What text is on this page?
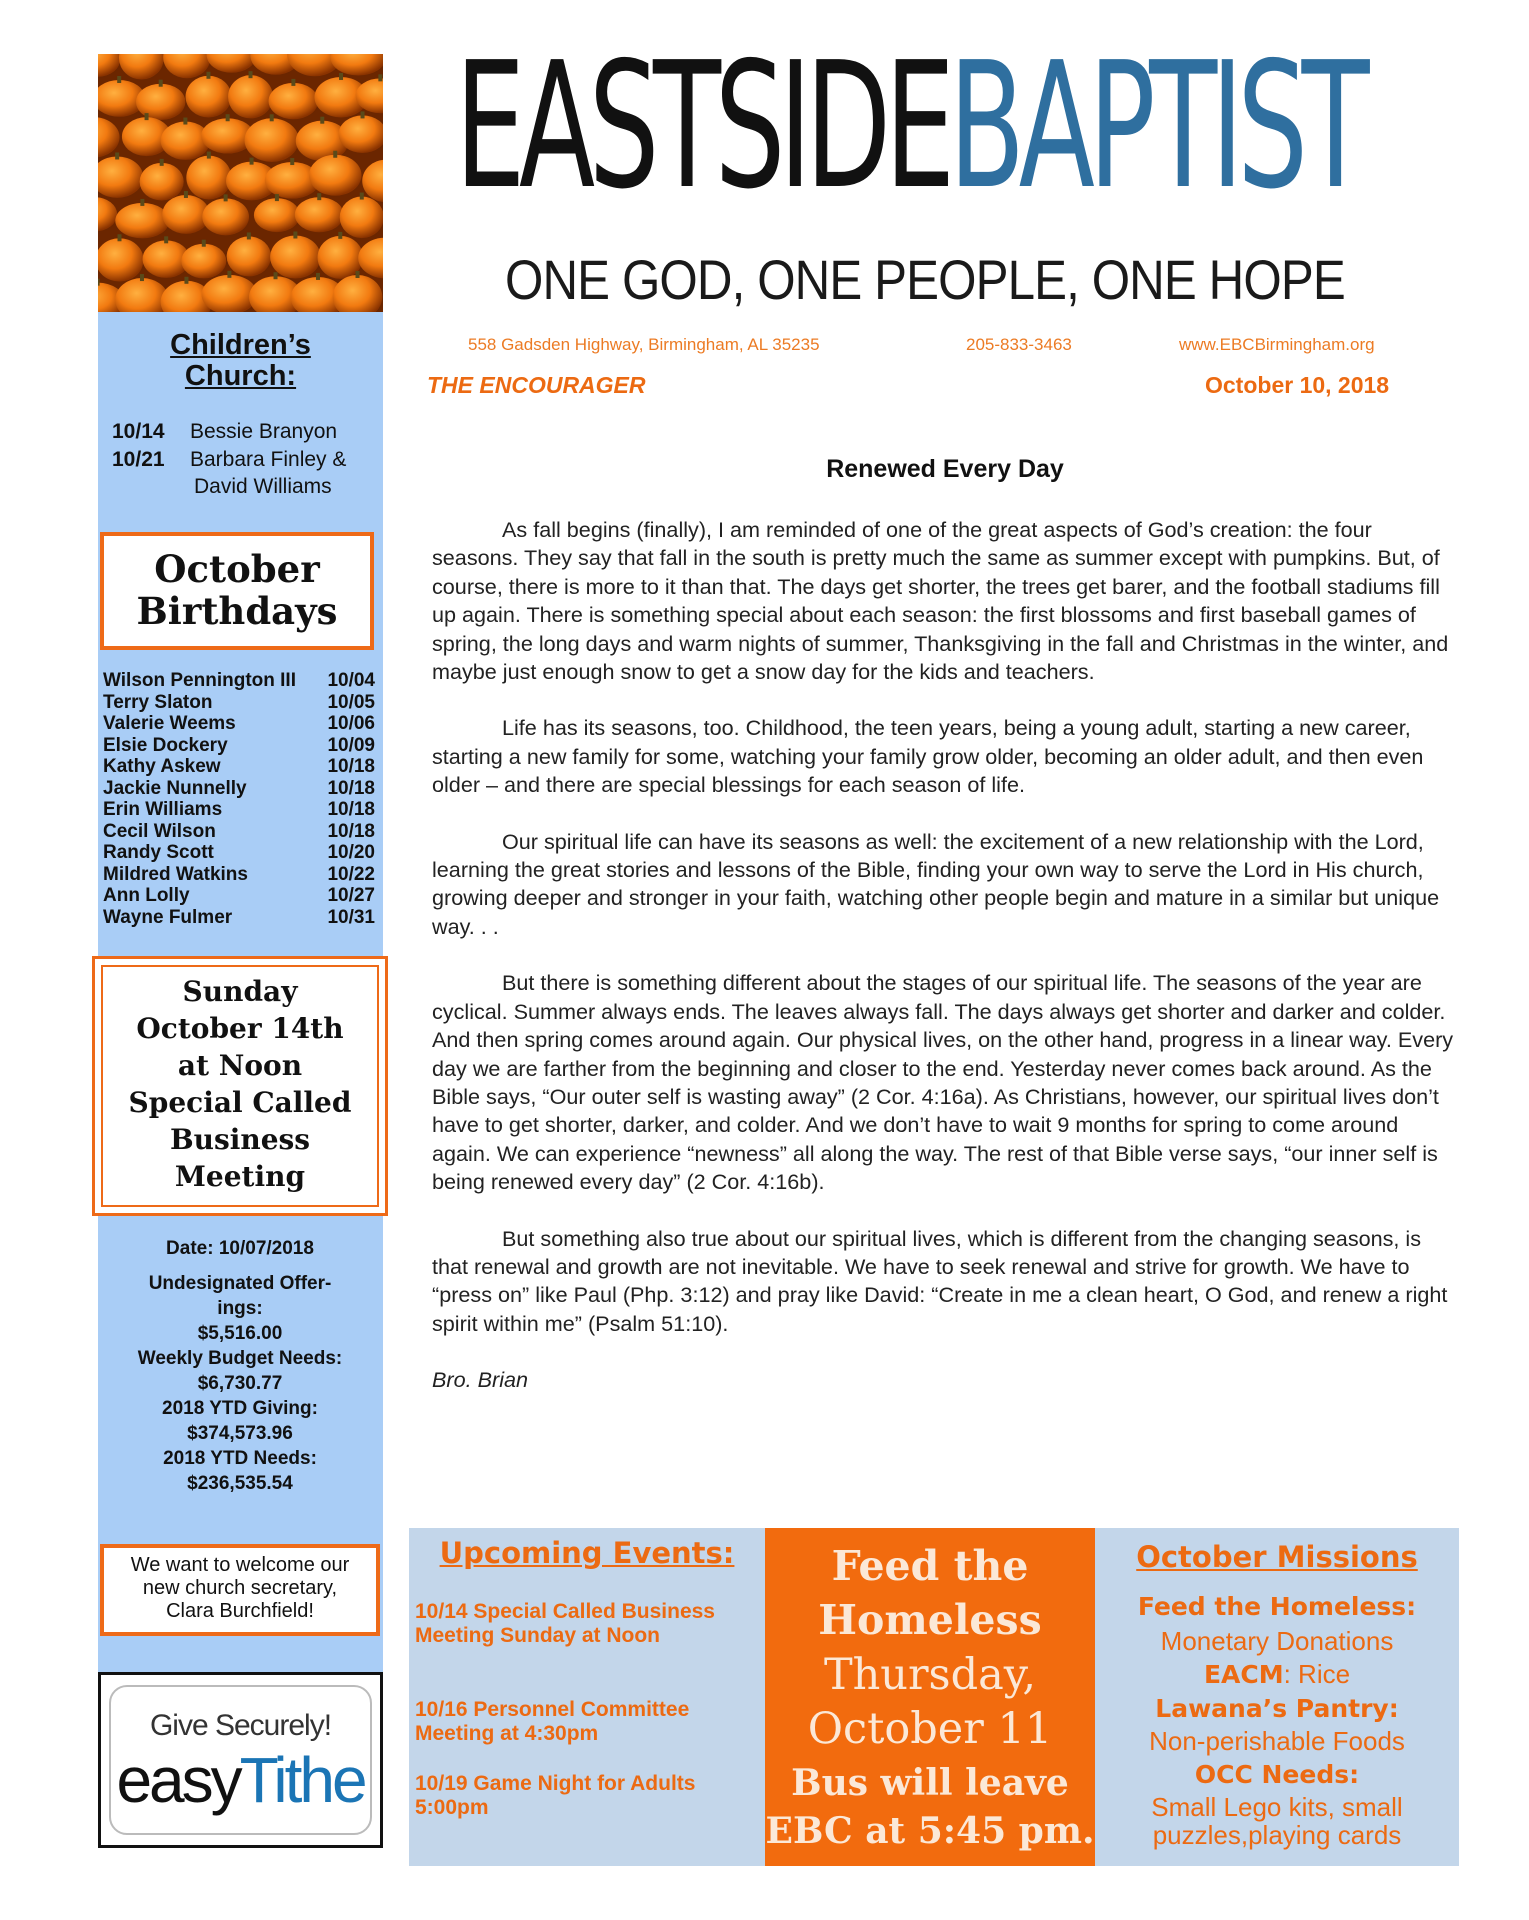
Children’s
Church:
10/14 Bessie Branyon
10/21 Barbara Finley &
David Williams
October
Birthdays
Wilson Pennington III 10/04
Terry Slaton	10/05
Valerie Weems	10/06
Elsie Dockery	10/09
Kathy Askew	10/18
Jackie Nunnelly	10/18
Erin Williams	10/18
Cecil Wilson	10/18
Randy Scott	10/20
Mildred Watkins	10/22
Ann Lolly	10/27
Wayne Fulmer	10/31
Sunday
October 14th
at Noon
Special Called
Business
Meeting
Date: 10/07/2018
Undesignated Offer-
ings:
$5,516.00
Weekly Budget Needs:
$6,730.77
2018 YTD Giving:
$374,573.96
2018 YTD Needs:
$236,535.54
We want to welcome our
new church secretary,
Clara Burchfield!
Give Securely!
easyTithe
EASTSIDEBAPTIST
ONE GOD, ONE PEOPLE, ONE HOPE
558 Gadsden Highway, Birmingham, AL 35235	205-833-3463	www.EBCBirmingham.org
THE ENCOURAGER	October 10, 2018
Renewed Every Day

As fall begins (finally), I am reminded of one of the great aspects of God’s creation: the four seasons. They say that fall in the south is pretty much the same as summer except with pumpkins. But, of course, there is more to it than that. The days get shorter, the trees get barer, and the football stadiums fill up again. There is something special about each season: the first blossoms and first baseball games of spring, the long days and warm nights of summer, Thanksgiving in the fall and Christmas in the winter, and maybe just enough snow to get a snow day for the kids and teachers.

Life has its seasons, too. Childhood, the teen years, being a young adult, starting a new career, starting a new family for some, watching your family grow older, becoming an older adult, and then even older – and there are special blessings for each season of life.

Our spiritual life can have its seasons as well: the excitement of a new relationship with the Lord, learning the great stories and lessons of the Bible, finding your own way to serve the Lord in His church, growing deeper and stronger in your faith, watching other people begin and mature in a similar but unique way. . .

But there is something different about the stages of our spiritual life. The seasons of the year are cyclical. Summer always ends. The leaves always fall. The days always get shorter and darker and colder. And then spring comes around again. Our physical lives, on the other hand, progress in a linear way. Every day we are farther from the beginning and closer to the end. Yesterday never comes back around. As the Bible says, “Our outer self is wasting away” (2 Cor. 4:16a). As Christians, however, our spiritual lives don’t have to get shorter, darker, and colder. And we don’t have to wait 9 months for spring to come around again. We can experience “newness” all along the way. The rest of that Bible verse says, “our inner self is being renewed every day” (2 Cor. 4:16b).

But something also true about our spiritual lives, which is different from the changing seasons, is that renewal and growth are not inevitable. We have to seek renewal and strive for growth. We have to “press on” like Paul (Php. 3:12) and pray like David: “Create in me a clean heart, O God, and renew a right spirit within me” (Psalm 51:10).

Bro. Brian

Upcoming Events:
10/14 Special Called Business Meeting Sunday at Noon
10/16 Personnel Committee Meeting at 4:30pm
10/19 Game Night for Adults 5:00pm
Feed the
Homeless
Thursday,
October 11
Bus will leave
EBC at 5:45 pm.
October Missions
Feed the Homeless:
Monetary Donations
EACM: Rice
Lawana’s Pantry:
Non-perishable Foods
OCC Needs:
Small Lego kits, small
puzzles,playing cards
